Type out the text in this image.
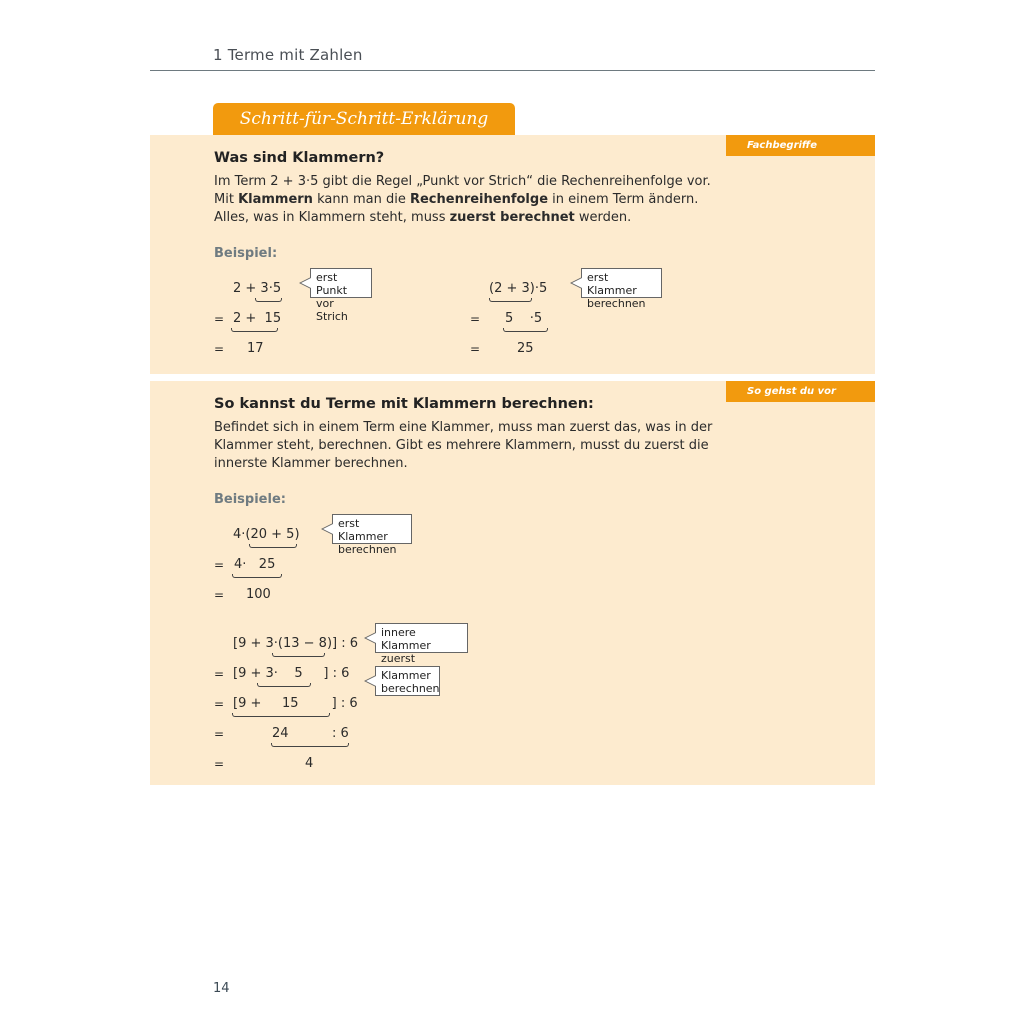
1 Terme mit Zahlen
Schritt-für-Schritt-Erklärung
Fachbegriffe
Was sind Klammern?
Im Term 2 + 3·5 gibt die Regel „Punkt vor Strich“ die Rechenreihenfolge vor.
Mit Klammern kann man die Rechenreihenfolge in einem Term ändern.
Alles, was in Klammern steht, muss zuerst berechnet werden.
Beispiel:
2 + 3·5
= 2 +  15
= 17
erst Punkt
vor Strich
(2 + 3)·5
= 5    ·5
=	25
erst Klammer
berechnen
So gehst du vor
So kannst du Terme mit Klammern berechnen:
Befindet sich in einem Term eine Klammer, muss man zuerst das, was in der
Klammer steht, berechnen. Gibt es mehrere Klammern, musst du zuerst die
innerste Klammer berechnen.
Beispiele:
4·(20 + 5)
= 4·   25
= 100
erst Klammer
berechnen
[9 + 3·(13 − 8)] : 6
= [9 + 3·    5     ] : 6
= [9 +     15        ] : 6
=	24	: 6
=	4
innere Klammer
zuerst
Klammer
berechnen
14
